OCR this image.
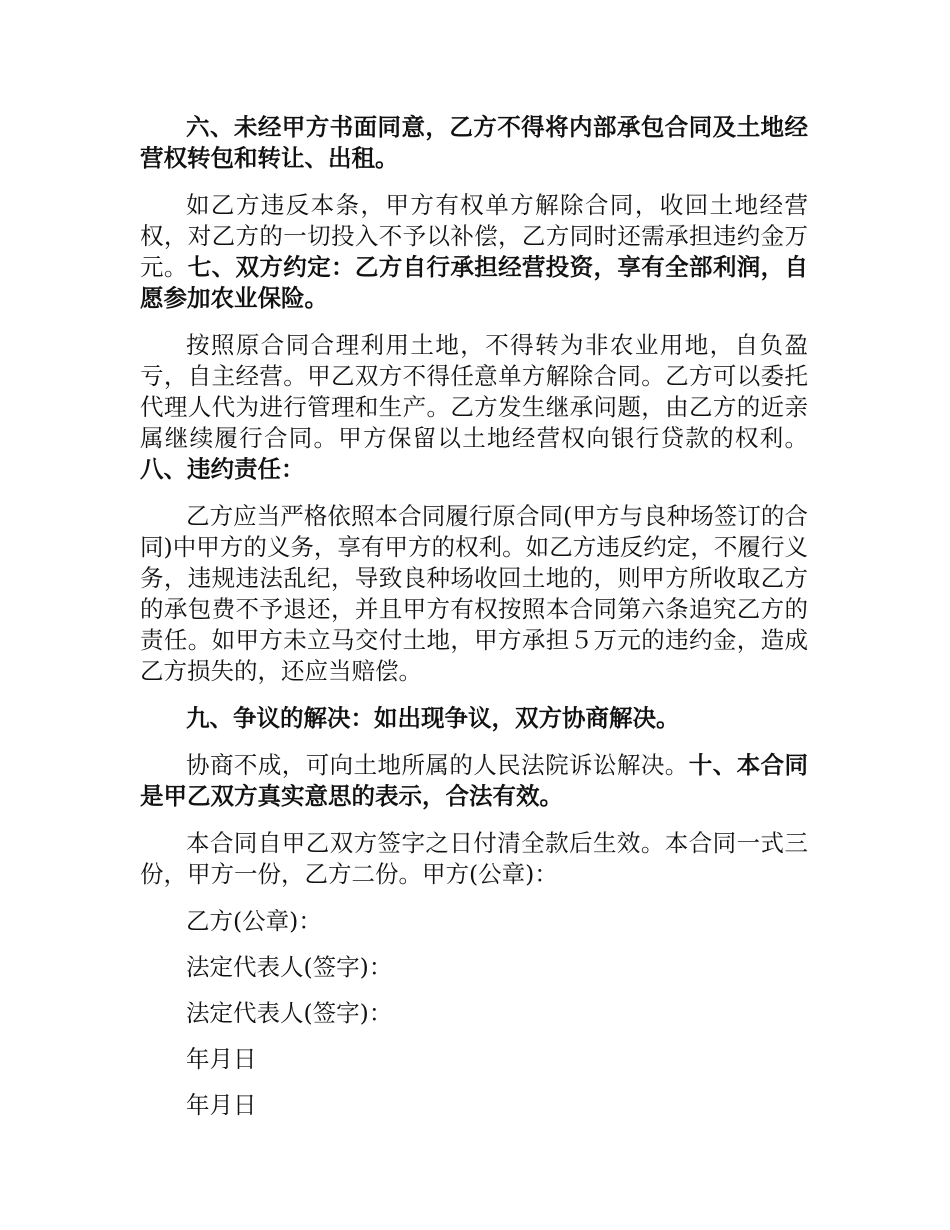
六、未经甲方书面同意，乙方不得将内部承包合同及土地经营权转包和转让、出租。

如乙方违反本条，甲方有权单方解除合同，收回土地经营权，对乙方的一切投入不予以补偿，乙方同时还需承担违约金万元。七、双方约定：乙方自行承担经营投资，享有全部利润，自愿参加农业保险。

按照原合同合理利用土地，不得转为非农业用地，自负盈亏，自主经营。甲乙双方不得任意单方解除合同。乙方可以委托代理人代为进行管理和生产。乙方发生继承问题，由乙方的近亲属继续履行合同。甲方保留以土地经营权向银行贷款的权利。八、违约责任：

乙方应当严格依照本合同履行原合同(甲方与良种场签订的合同)中甲方的义务，享有甲方的权利。如乙方违反约定，不履行义务，违规违法乱纪，导致良种场收回土地的，则甲方所收取乙方的承包费不予退还，并且甲方有权按照本合同第六条追究乙方的责任。如甲方未立马交付土地，甲方承担５万元的违约金，造成乙方损失的，还应当赔偿。

九、争议的解决：如出现争议，双方协商解决。

协商不成，可向土地所属的人民法院诉讼解决。十、本合同是甲乙双方真实意思的表示，合法有效。

本合同自甲乙双方签字之日付清全款后生效。本合同一式三份，甲方一份，乙方二份。甲方(公章)：

乙方(公章)：

法定代表人(签字)：

法定代表人(签字)：

年月日

年月日
